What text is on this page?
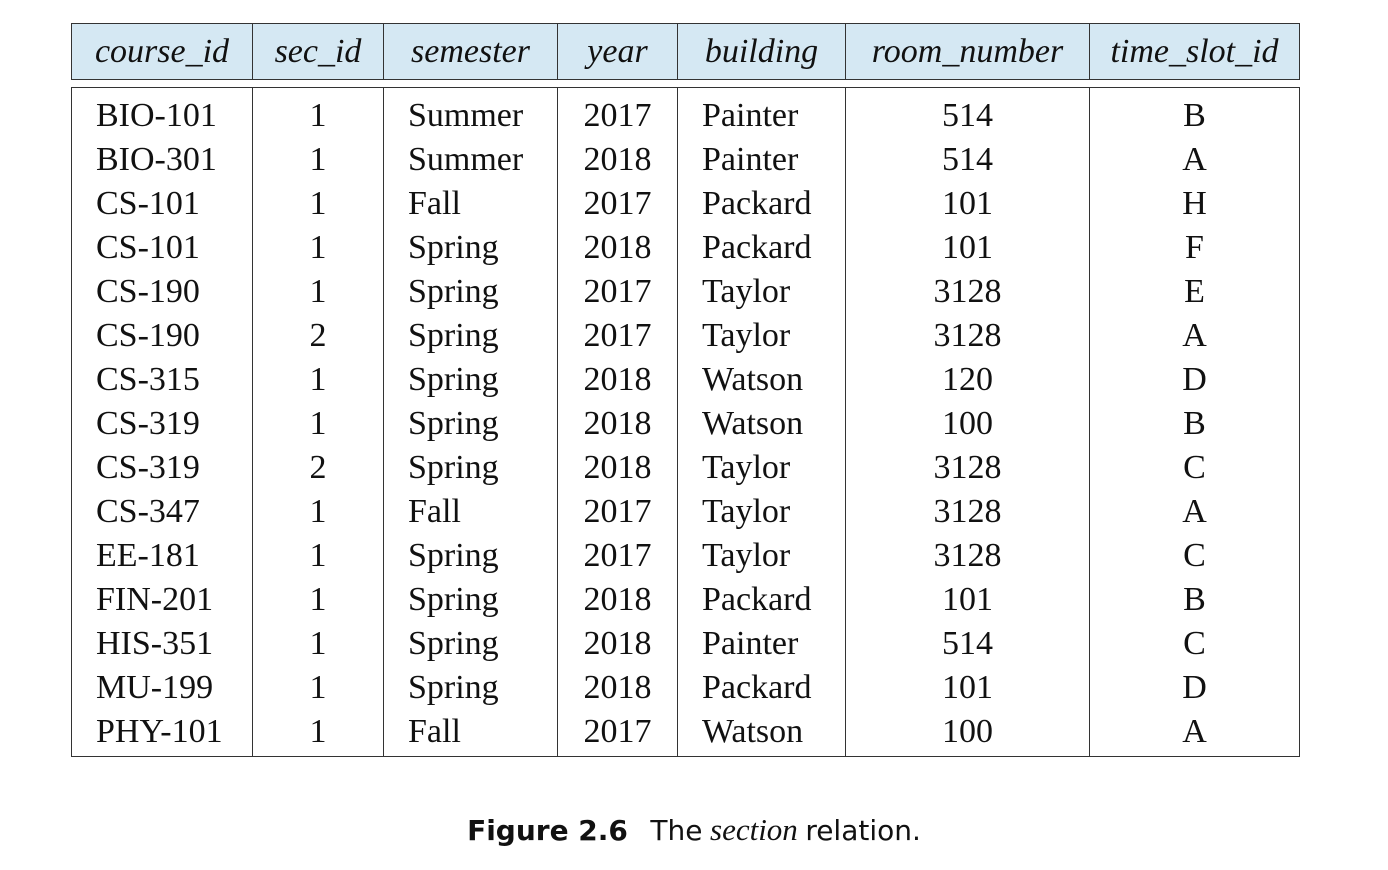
course_id	sec_id	semester	year	building	room_number	time_slot_id
BIO-101	1	Summer	2017	Painter	514	B
BIO-301	1	Summer	2018	Painter	514	A
CS-101	1	Fall	2017	Packard	101	H
CS-101	1	Spring	2018	Packard	101	F
CS-190	1	Spring	2017	Taylor	3128	E
CS-190	2	Spring	2017	Taylor	3128	A
CS-315	1	Spring	2018	Watson	120	D
CS-319	1	Spring	2018	Watson	100	B
CS-319	2	Spring	2018	Taylor	3128	C
CS-347	1	Fall	2017	Taylor	3128	A
EE-181	1	Spring	2017	Taylor	3128	C
FIN-201	1	Spring	2018	Packard	101	B
HIS-351	1	Spring	2018	Painter	514	C
MU-199	1	Spring	2018	Packard	101	D
PHY-101	1	Fall	2017	Watson	100	A
Figure 2.6 The section relation.
